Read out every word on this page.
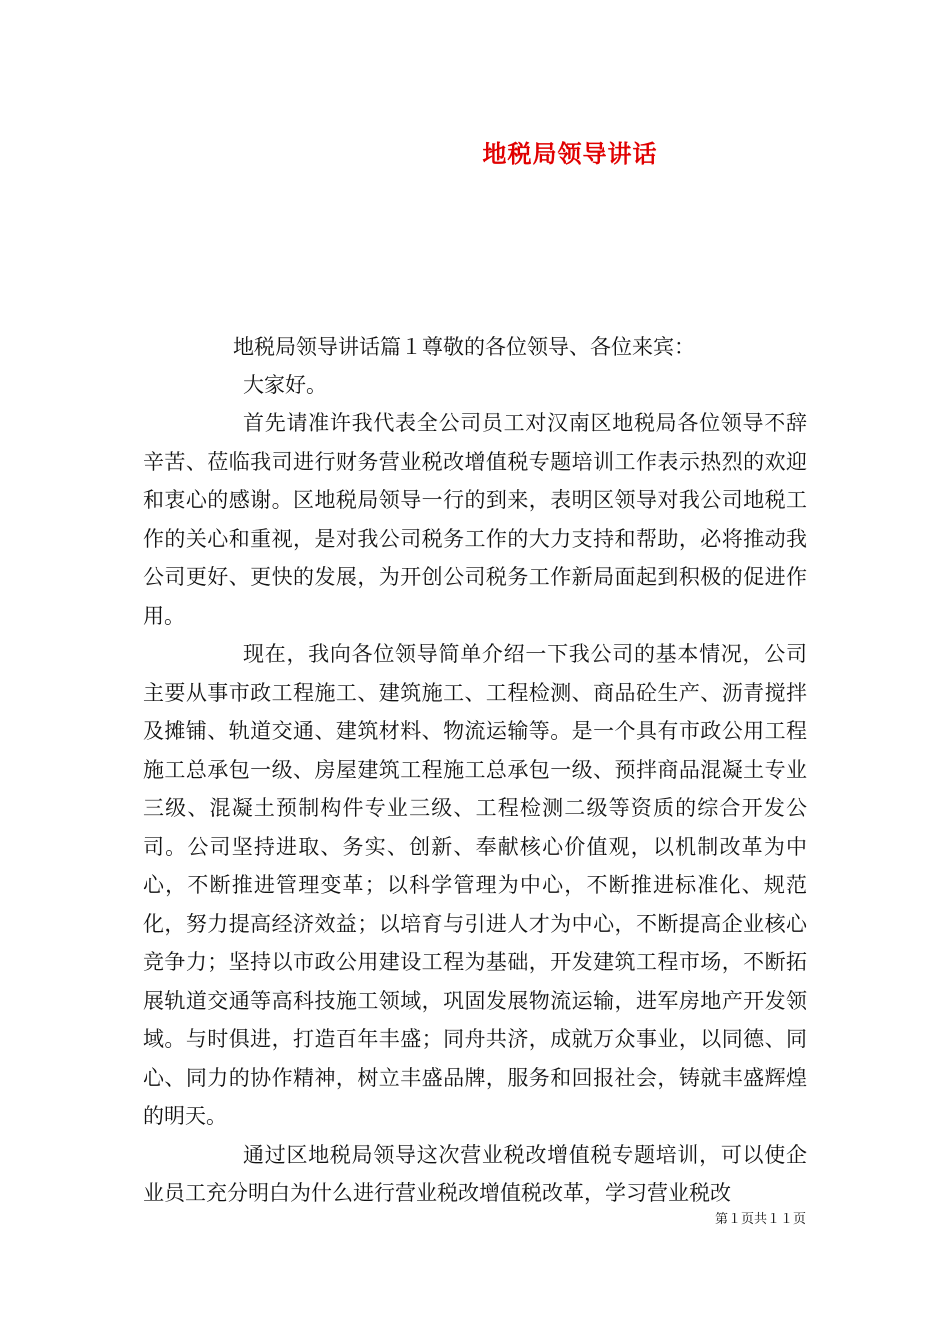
地税局领导讲话

地税局领导讲话篇１尊敬的各位领导、各位来宾：

大家好。

首先请准许我代表全公司员工对汉南区地税局各位领导不辞辛苦、莅临我司进行财务营业税改增值税专题培训工作表示热烈的欢迎和衷心的感谢。区地税局领导一行的到来，表明区领导对我公司地税工作的关心和重视，是对我公司税务工作的大力支持和帮助，必将推动我公司更好、更快的发展，为开创公司税务工作新局面起到积极的促进作用。

现在，我向各位领导简单介绍一下我公司的基本情况，公司主要从事市政工程施工、建筑施工、工程检测、商品砼生产、沥青搅拌及摊铺、轨道交通、建筑材料、物流运输等。是一个具有市政公用工程施工总承包一级、房屋建筑工程施工总承包一级、预拌商品混凝土专业三级、混凝土预制构件专业三级、工程检测二级等资质的综合开发公司。公司坚持进取、务实、创新、奉献核心价值观，以机制改革为中心，不断推进管理变革；以科学管理为中心，不断推进标准化、规范化，努力提高经济效益；以培育与引进人才为中心，不断提高企业核心竞争力；坚持以市政公用建设工程为基础，开发建筑工程市场，不断拓展轨道交通等高科技施工领域，巩固发展物流运输，进军房地产开发领域。与时俱进，打造百年丰盛；同舟共济，成就万众事业，以同德、同心、同力的协作精神，树立丰盛品牌，服务和回报社会，铸就丰盛辉煌的明天。

通过区地税局领导这次营业税改增值税专题培训，可以使企业员工充分明白为什么进行营业税改增值税改革，学习营业税改

第１页共１１页
